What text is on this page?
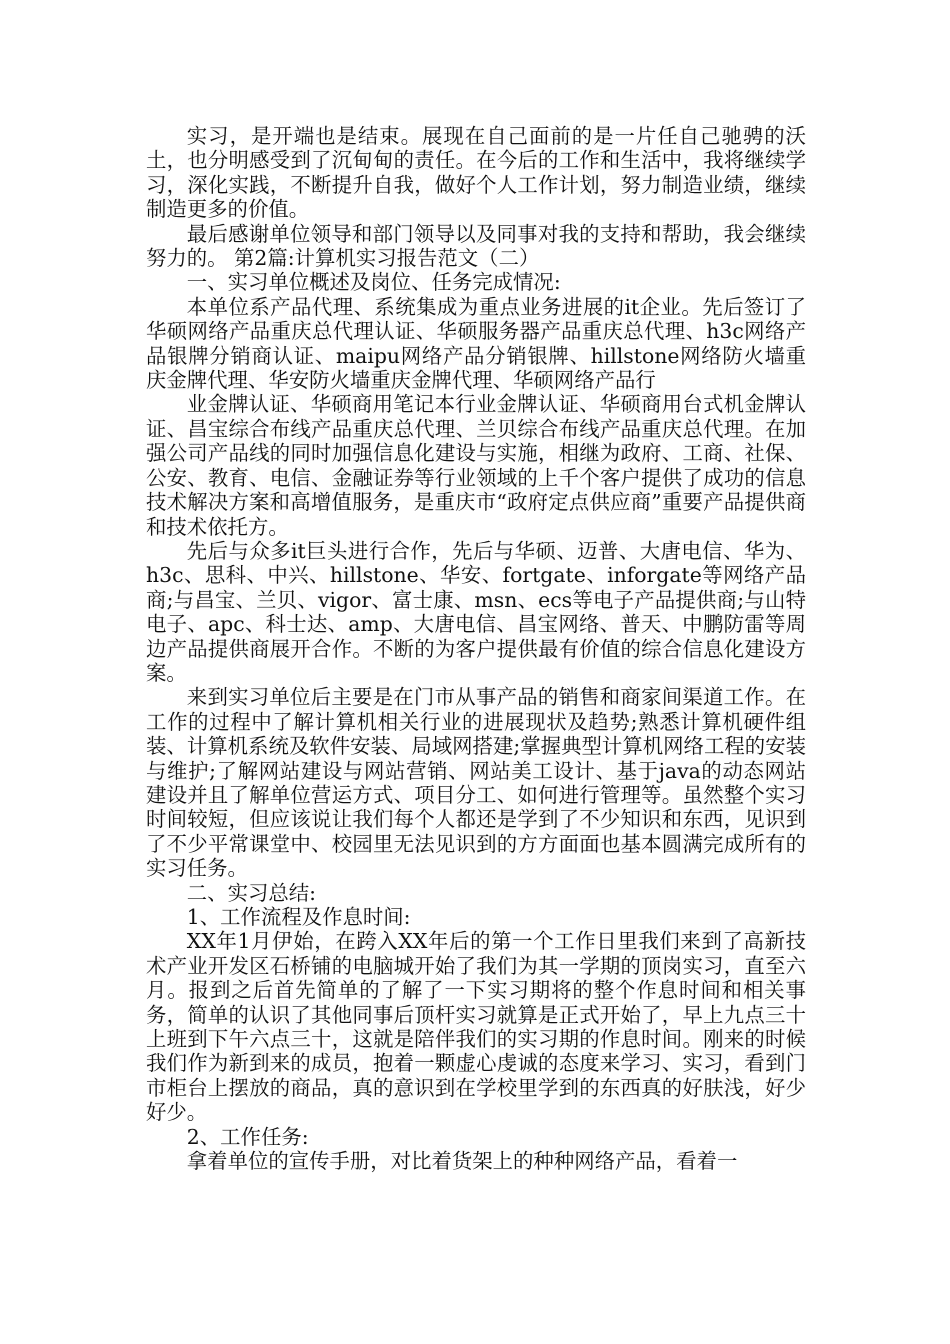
实习，是开端也是结束。展现在自己面前的是一片任自己驰骋的沃土，也分明感受到了沉甸甸的责任。在今后的工作和生活中，我将继续学习，深化实践，不断提升自我，做好个人工作计划，努力制造业绩，继续制造更多的价值。

最后感谢单位领导和部门领导以及同事对我的支持和帮助，我会继续努力的。 第2篇:计算机实习报告范文（二）

一、实习单位概述及岗位、任务完成情况:

本单位系产品代理、系统集成为重点业务进展的it企业。先后签订了华硕网络产品重庆总代理认证、华硕服务器产品重庆总代理、h3c网络产品银牌分销商认证、maipu网络产品分销银牌、hillstone网络防火墙重庆金牌代理、华安防火墙重庆金牌代理、华硕网络产品行

业金牌认证、华硕商用笔记本行业金牌认证、华硕商用台式机金牌认证、昌宝综合布线产品重庆总代理、兰贝综合布线产品重庆总代理。在加强公司产品线的同时加强信息化建设与实施，相继为政府、工商、社保、公安、教育、电信、金融证券等行业领域的上千个客户提供了成功的信息技术解决方案和高增值服务，是重庆市“政府定点供应商”重要产品提供商和技术依托方。

先后与众多it巨头进行合作，先后与华硕、迈普、大唐电信、华为、h3c、思科、中兴、hillstone、华安、fortgate、inforgate等网络产品商;与昌宝、兰贝、vigor、富士康、msn、ecs等电子产品提供商;与山特电子、apc、科士达、amp、大唐电信、昌宝网络、普天、中鹏防雷等周边产品提供商展开合作。不断的为客户提供最有价值的综合信息化建设方案。

来到实习单位后主要是在门市从事产品的销售和商家间渠道工作。在工作的过程中了解计算机相关行业的进展现状及趋势;熟悉计算机硬件组装、计算机系统及软件安装、局域网搭建;掌握典型计算机网络工程的安装与维护;了解网站建设与网站营销、网站美工设计、基于java的动态网站建设并且了解单位营运方式、项目分工、如何进行管理等。虽然整个实习时间较短，但应该说让我们每个人都还是学到了不少知识和东西，见识到了不少平常课堂中、校园里无法见识到的方方面面也基本圆满完成所有的实习任务。

二、实习总结:

1、工作流程及作息时间:

XX年1月伊始，在跨入XX年后的第一个工作日里我们来到了高新技术产业开发区石桥铺的电脑城开始了我们为其一学期的顶岗实习，直至六月。报到之后首先简单的了解了一下实习期将的整个作息时间和相关事务，简单的认识了其他同事后顶杆实习就算是正式开始了，早上九点三十上班到下午六点三十，这就是陪伴我们的实习期的作息时间。刚来的时候我们作为新到来的成员，抱着一颗虚心虔诚的态度来学习、实习，看到门市柜台上摆放的商品，真的意识到在学校里学到的东西真的好肤浅，好少好少。

2、工作任务:

拿着单位的宣传手册，对比着货架上的种种网络产品，看着一
